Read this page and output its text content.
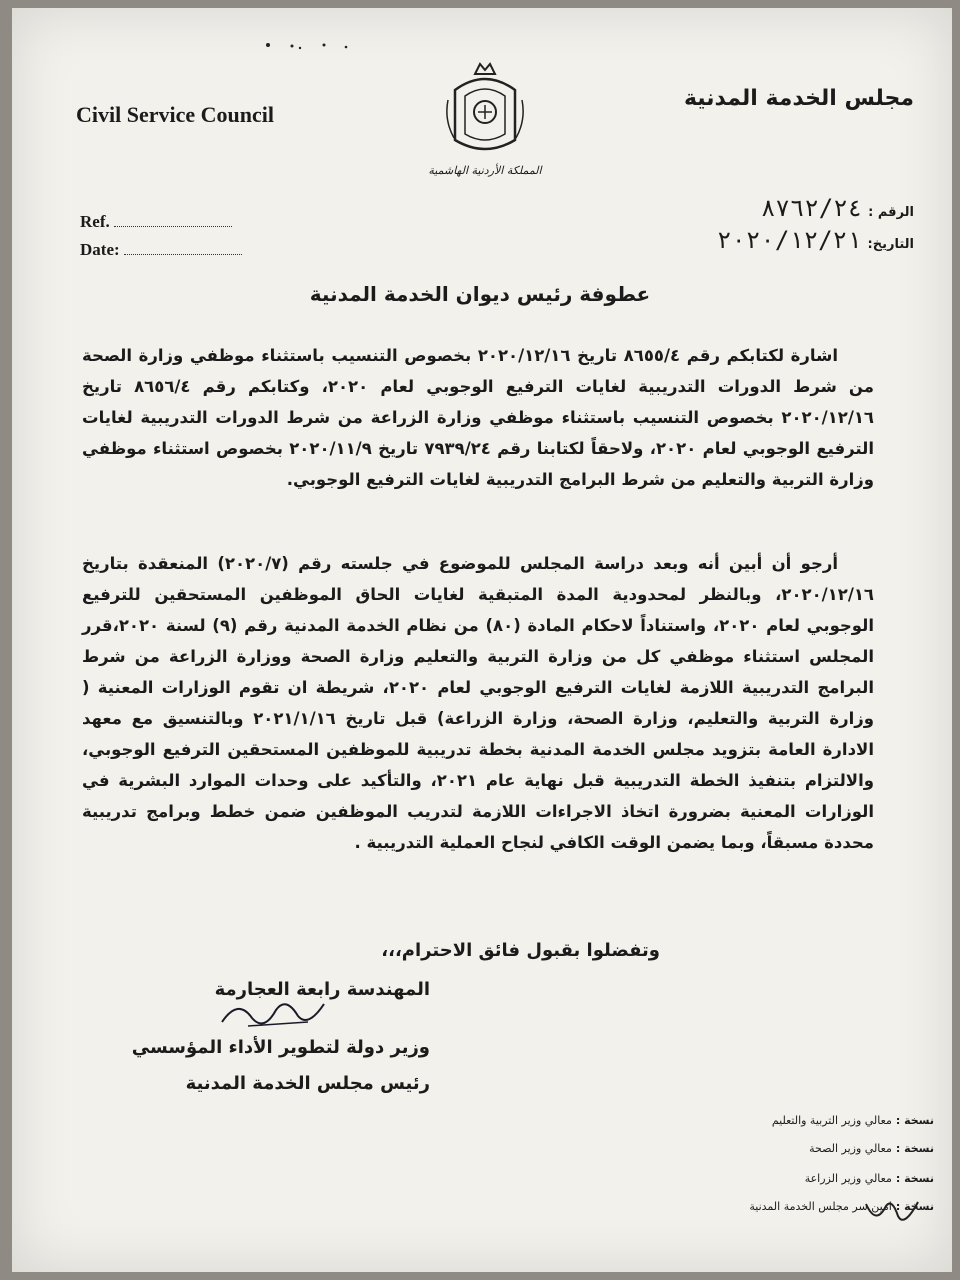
Civil Service Council
مجلس الخدمة المدنية
المملكة الأردنية الهاشمية
Ref.
Date:
الرقم :
٨٧٦٢/٢٤
التاريخ:
٢٠٢٠/١٢/٢١
عطوفة رئيس ديوان الخدمة المدنية
اشارة لكتابكم رقم ٨٦٥٥/٤ تاريخ ٢٠٢٠/١٢/١٦ بخصوص التنسيب باستثناء موظفي وزارة الصحة من شرط الدورات التدريبية لغايات الترفيع الوجوبي لعام ٢٠٢٠، وكتابكم رقم ٨٦٥٦/٤ تاريخ ٢٠٢٠/١٢/١٦ بخصوص التنسيب باستثناء موظفي وزارة الزراعة من شرط الدورات التدريبية لغايات الترفيع الوجوبي لعام ٢٠٢٠، ولاحقاً لكتابنا رقم ٧٩٣٩/٢٤ تاريخ ٢٠٢٠/١١/٩ بخصوص استثناء موظفي وزارة التربية والتعليم من شرط البرامج التدريبية لغايات الترفيع الوجوبي.
أرجو أن أبين أنه وبعد دراسة المجلس للموضوع في جلسته رقم (٢٠٢٠/٧) المنعقدة بتاريخ ٢٠٢٠/١٢/١٦، وبالنظر لمحدودية المدة المتبقية لغايات الحاق الموظفين المستحقين للترفيع الوجوبي لعام ٢٠٢٠، واستناداً لاحكام المادة (٨٠) من نظام الخدمة المدنية رقم (٩) لسنة ٢٠٢٠،قرر المجلس استثناء موظفي كل من وزارة التربية والتعليم وزارة الصحة ووزارة الزراعة من شرط البرامج التدريبية اللازمة لغايات الترفيع الوجوبي لعام ٢٠٢٠، شريطة ان تقوم الوزارات المعنية ( وزارة التربية والتعليم، وزارة الصحة، وزارة الزراعة) قبل تاريخ ٢٠٢١/١/١٦ وبالتنسيق مع معهد الادارة العامة بتزويد مجلس الخدمة المدنية بخطة تدريبية للموظفين المستحقين الترفيع الوجوبي، والالتزام بتنفيذ الخطة التدريبية قبل نهاية عام ٢٠٢١، والتأكيد على وحدات الموارد البشرية في الوزارات المعنية بضرورة اتخاذ الاجراءات اللازمة لتدريب الموظفين ضمن خطط وبرامج تدريبية محددة مسبقاً، وبما يضمن الوقت الكافي لنجاح العملية التدريبية .
وتفضلوا بقبول فائق الاحترام،،،
المهندسة رابعة العجارمة
وزير دولة لتطوير الأداء المؤسسي
رئيس مجلس الخدمة المدنية
نسخة :
معالي وزير التربية والتعليم
نسخة :
معالي وزير الصحة
نسخة :
معالي وزير الزراعة
نسخة :
امين سر مجلس الخدمة المدنية
